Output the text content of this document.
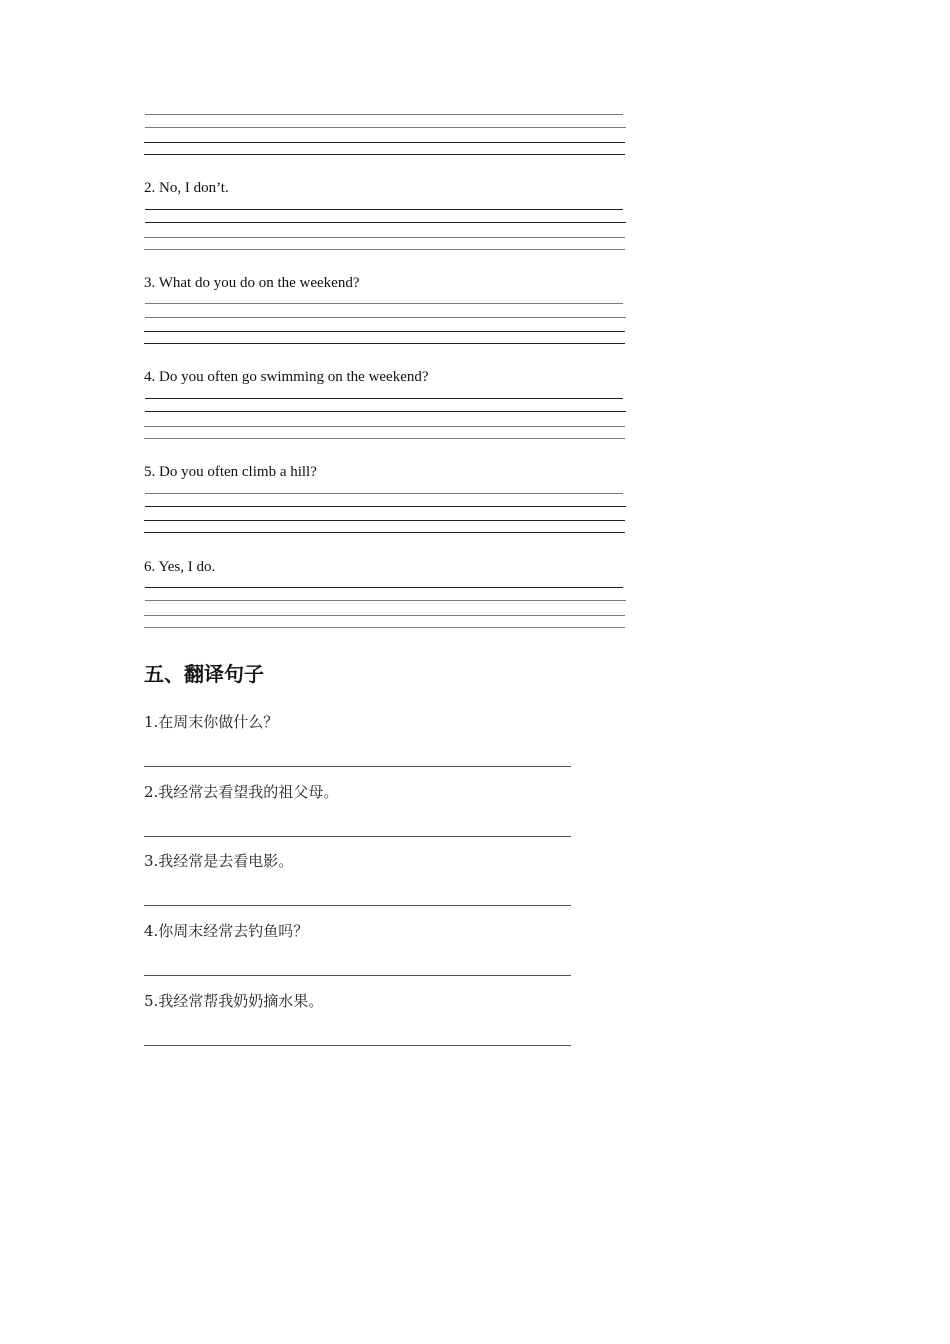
2. No, I don’t.
3. What do you do on the weekend?
4. Do you often go swimming on the weekend?
5. Do you often climb a hill?
6. Yes, I do.
五、翻译句子
1.在周末你做什么？
2.我经常去看望我的祖父母。
3.我经常是去看电影。
4.你周末经常去钓鱼吗？
5.我经常帮我奶奶摘水果。
